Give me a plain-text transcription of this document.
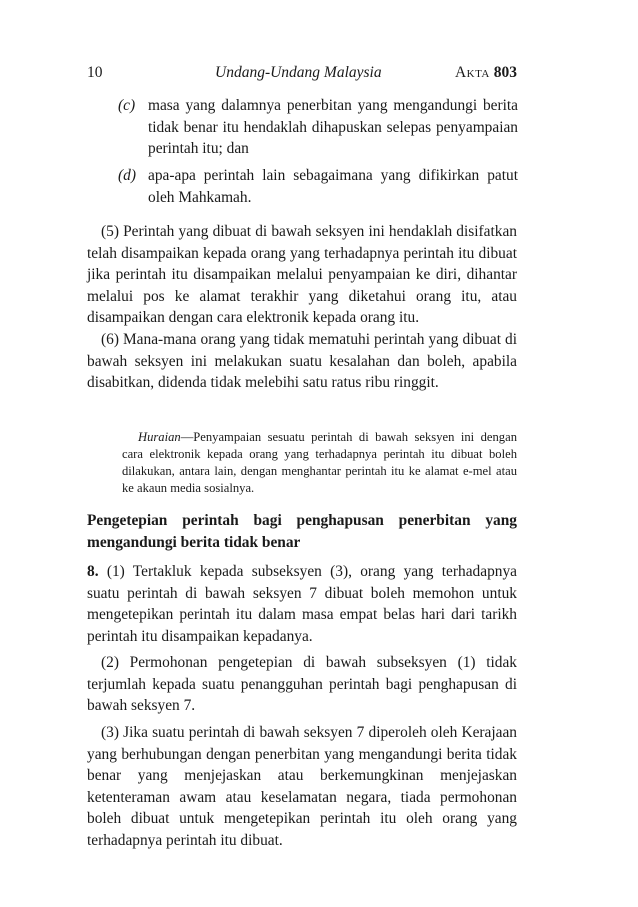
10	Undang-Undang Malaysia	Akta 803
(c) masa yang dalamnya penerbitan yang mengandungi berita tidak benar itu hendaklah dihapuskan selepas penyampaian perintah itu; dan
(d) apa-apa perintah lain sebagaimana yang difikirkan patut oleh Mahkamah.

(5) Perintah yang dibuat di bawah seksyen ini hendaklah disifatkan telah disampaikan kepada orang yang terhadapnya perintah itu dibuat jika perintah itu disampaikan melalui penyampaian ke diri, dihantar melalui pos ke alamat terakhir yang diketahui orang itu, atau disampaikan dengan cara elektronik kepada orang itu.

(6) Mana-mana orang yang tidak mematuhi perintah yang dibuat di bawah seksyen ini melakukan suatu kesalahan dan boleh, apabila disabitkan, didenda tidak melebihi satu ratus ribu ringgit.

Huraian—Penyampaian sesuatu perintah di bawah seksyen ini dengan cara elektronik kepada orang yang terhadapnya perintah itu dibuat boleh dilakukan, antara lain, dengan menghantar perintah itu ke alamat e-mel atau ke akaun media sosialnya.

Pengetepian perintah bagi penghapusan penerbitan yang mengandungi berita tidak benar

8. (1) Tertakluk kepada subseksyen (3), orang yang terhadapnya suatu perintah di bawah seksyen 7 dibuat boleh memohon untuk mengetepikan perintah itu dalam masa empat belas hari dari tarikh perintah itu disampaikan kepadanya.

(2) Permohonan pengetepian di bawah subseksyen (1) tidak terjumlah kepada suatu penangguhan perintah bagi penghapusan di bawah seksyen 7.

(3) Jika suatu perintah di bawah seksyen 7 diperoleh oleh Kerajaan yang berhubungan dengan penerbitan yang mengandungi berita tidak benar yang menjejaskan atau berkemungkinan menjejaskan ketenteraman awam atau keselamatan negara, tiada permohonan boleh dibuat untuk mengetepikan perintah itu oleh orang yang terhadapnya perintah itu dibuat.
